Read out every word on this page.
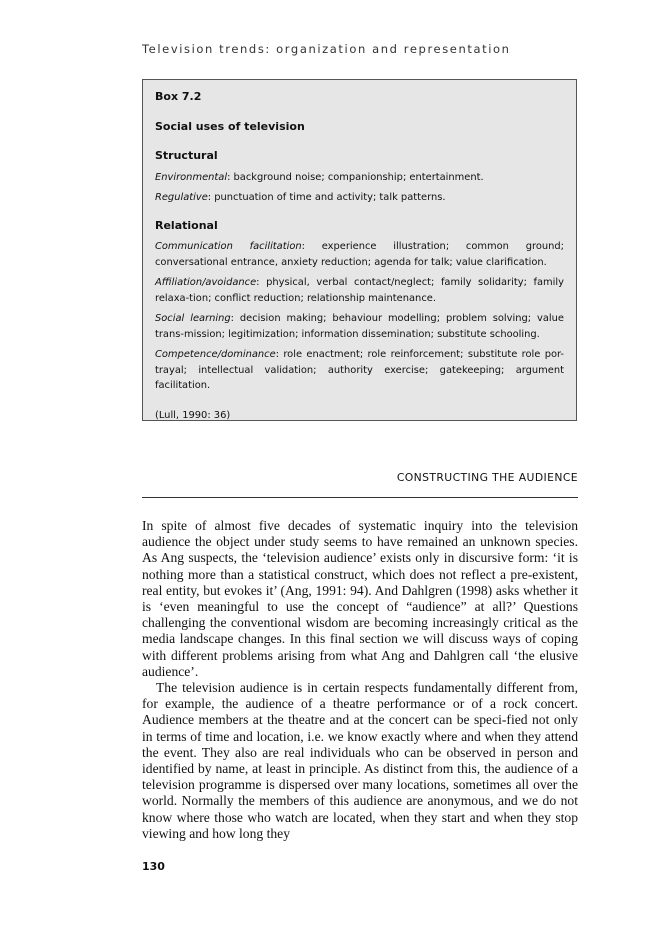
Television trends: organization and representation
Box 7.2
Social uses of television
Structural

Environmental: background noise; companionship; entertainment.

Regulative: punctuation of time and activity; talk patterns.

Relational

Communication facilitation: experience illustration; common ground; conversational entrance, anxiety reduction; agenda for talk; value clarification.

Affiliation/avoidance: physical, verbal contact/neglect; family solidarity; family relaxa-tion; conflict reduction; relationship maintenance.

Social learning: decision making; behaviour modelling; problem solving; value trans-mission; legitimization; information dissemination; substitute schooling.

Competence/dominance: role enactment; role reinforcement; substitute role por-trayal; intellectual validation; authority exercise; gatekeeping; argument facilitation.

(Lull, 1990: 36)
CONSTRUCTING THE AUDIENCE

In spite of almost five decades of systematic inquiry into the television audience the object under study seems to have remained an unknown species. As Ang suspects, the ‘television audience’ exists only in discursive form: ‘it is nothing more than a statistical construct, which does not reflect a pre-existent, real entity, but evokes it’ (Ang, 1991: 94). And Dahlgren (1998) asks whether it is ‘even meaningful to use the concept of “audience” at all?’ Questions challenging the conventional wisdom are becoming increasingly critical as the media landscape changes. In this final section we will discuss ways of coping with different problems arising from what Ang and Dahlgren call ‘the elusive audience’.

The television audience is in certain respects fundamentally different from, for example, the audience of a theatre performance or of a rock concert. Audience members at the theatre and at the concert can be speci-fied not only in terms of time and location, i.e. we know exactly where and when they attend the event. They also are real individuals who can be observed in person and identified by name, at least in principle. As distinct from this, the audience of a television programme is dispersed over many locations, sometimes all over the world. Normally the members of this audience are anonymous, and we do not know where those who watch are located, when they start and when they stop viewing and how long they

130
